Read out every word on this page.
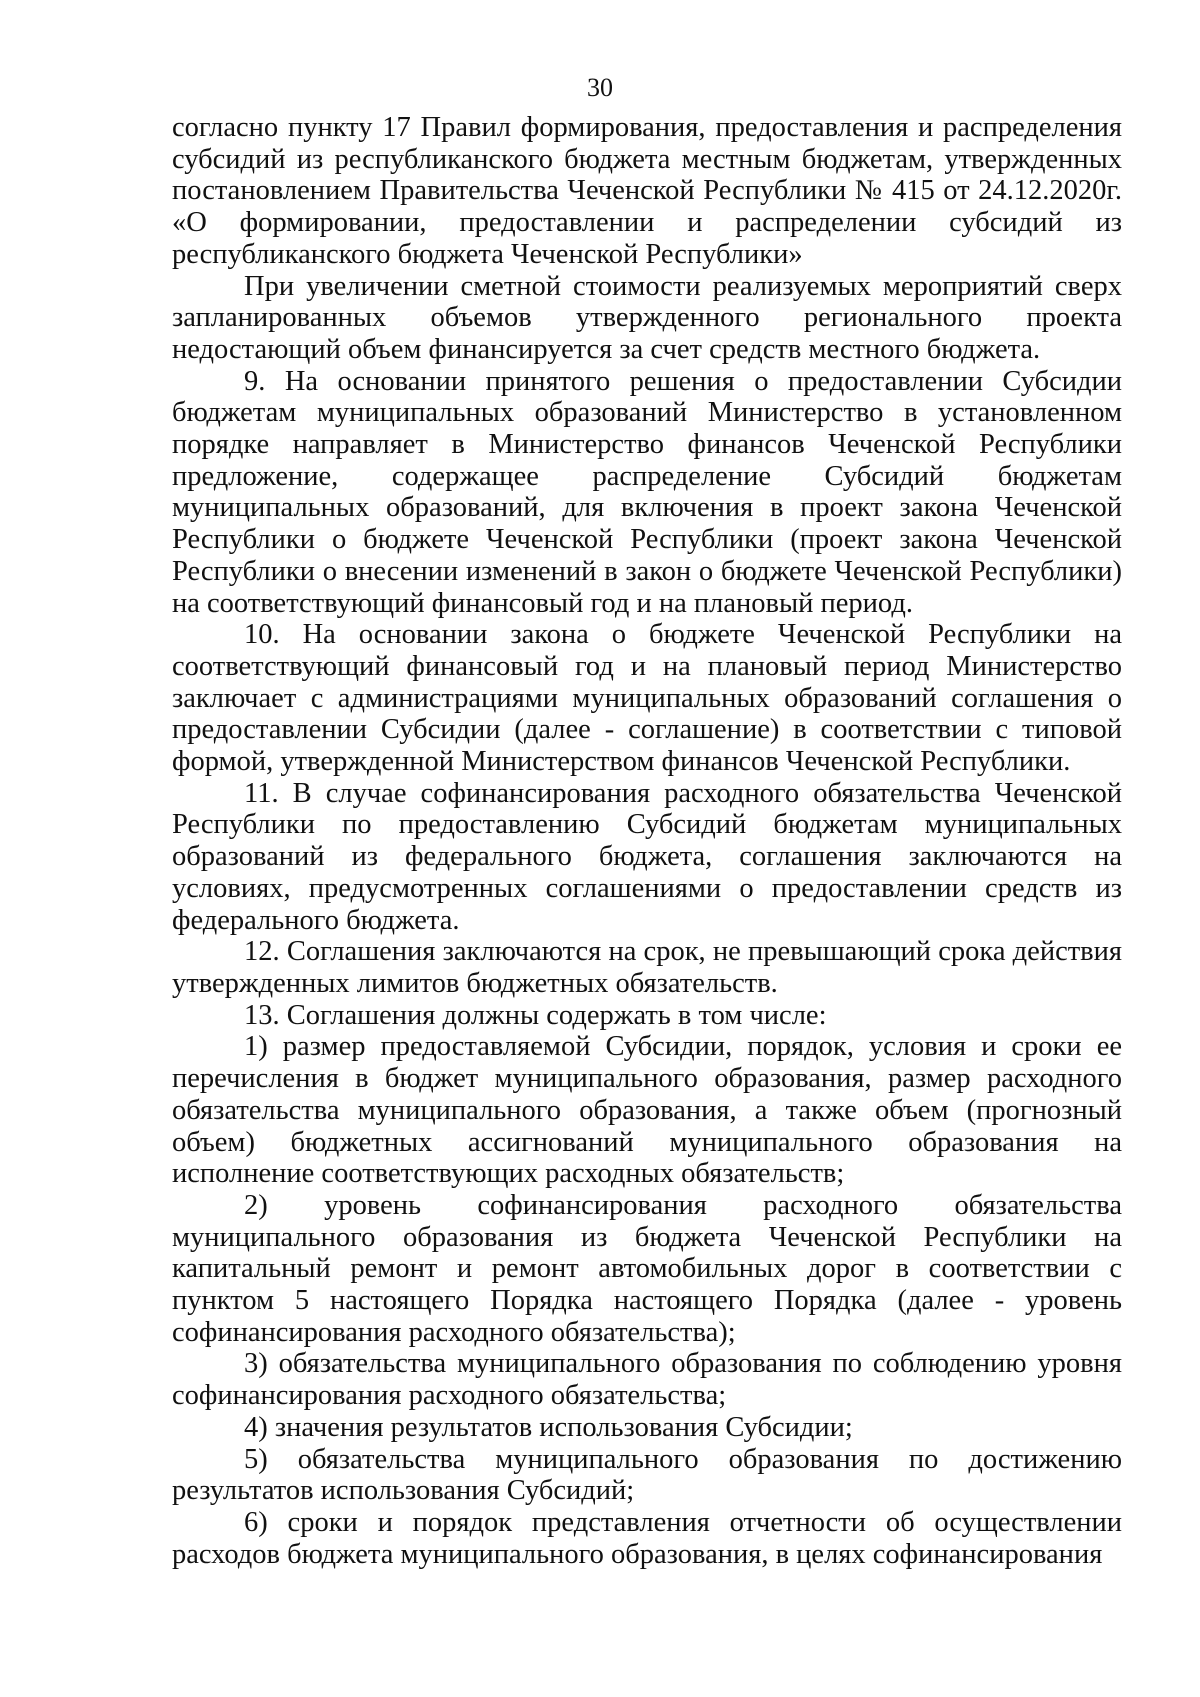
30

согласно пункту 17 Правил формирования, предоставления и распределения субсидий из республиканского бюджета местным бюджетам, утвержденных постановлением Правительства Чеченской Республики № 415 от 24.12.2020г. «О формировании, предоставлении и распределении субсидий из республиканского бюджета Чеченской Республики»

При увеличении сметной стоимости реализуемых мероприятий сверх запланированных объемов утвержденного регионального проекта недостающий объем финансируется за счет средств местного бюджета.

9. На основании принятого решения о предоставлении Субсидии бюджетам муниципальных образований Министерство в установленном порядке направляет в Министерство финансов Чеченской Республики предложение, содержащее распределение Субсидий бюджетам муниципальных образований, для включения в проект закона Чеченской Республики о бюджете Чеченской Республики (проект закона Чеченской Республики о внесении изменений в закон о бюджете Чеченской Республики) на соответствующий финансовый год и на плановый период.

10. На основании закона о бюджете Чеченской Республики на соответствующий финансовый год и на плановый период Министерство заключает с администрациями муниципальных образований соглашения о предоставлении Субсидии (далее - соглашение) в соответствии с типовой формой, утвержденной Министерством финансов Чеченской Республики.

11. В случае софинансирования расходного обязательства Чеченской Республики по предоставлению Субсидий бюджетам муниципальных образований из федерального бюджета, соглашения заключаются на условиях, предусмотренных соглашениями о предоставлении средств из федерального бюджета.

12. Соглашения заключаются на срок, не превышающий срока действия утвержденных лимитов бюджетных обязательств.

13. Соглашения должны содержать в том числе:

1) размер предоставляемой Субсидии, порядок, условия и сроки ее перечисления в бюджет муниципального образования, размер расходного обязательства муниципального образования, а также объем (прогнозный объем) бюджетных ассигнований муниципального образования на исполнение соответствующих расходных обязательств;

2) уровень софинансирования расходного обязательства муниципального образования из бюджета Чеченской Республики на капитальный ремонт и ремонт автомобильных дорог в соответствии с пунктом 5 настоящего Порядка настоящего Порядка (далее - уровень софинансирования расходного обязательства);

3) обязательства муниципального образования по соблюдению уровня софинансирования расходного обязательства;

4) значения результатов использования Субсидии;

5) обязательства муниципального образования по достижению результатов использования Субсидий;

6) сроки и порядок представления отчетности об осуществлении расходов бюджета муниципального образования, в целях софинансирования
